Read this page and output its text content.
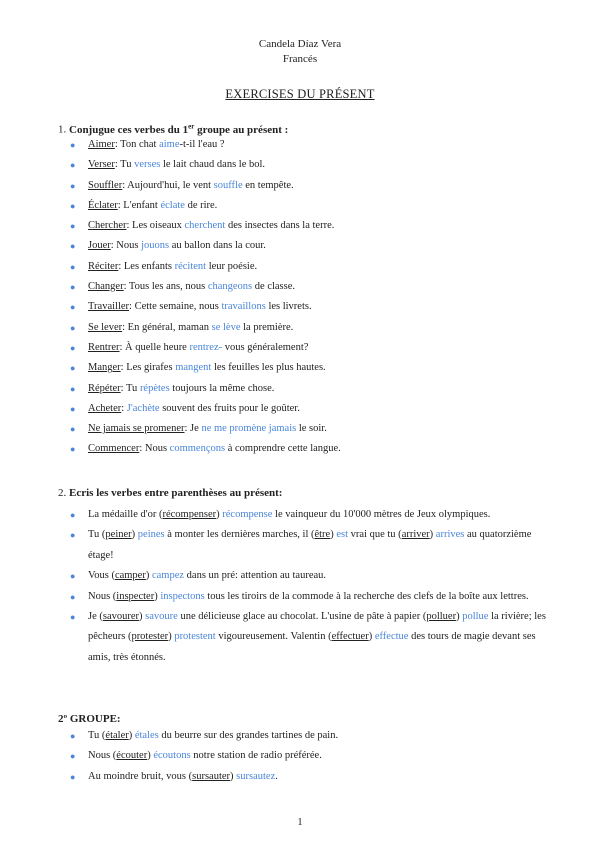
Candela Díaz Vera
Francés
EXERCISES DU PRÉSENT
1. Conjugue ces verbes du 1er groupe au présent :
● Aimer: Ton chat aime-t-il l'eau ?
● Verser: Tu verses le lait chaud dans le bol.
● Souffler: Aujourd'hui, le vent souffle en tempête.
● Éclater: L'enfant éclate de rire.
● Chercher: Les oiseaux cherchent des insectes dans la terre.
● Jouer: Nous jouons au ballon dans la cour.
● Réciter: Les enfants récitent leur poésie.
● Changer: Tous les ans, nous changeons de classe.
● Travailler: Cette semaine, nous travaillons les livrets.
● Se lever: En général, maman se lève la première.
● Rentrer: À quelle heure rentrez- vous généralement?
● Manger: Les girafes mangent les feuilles les plus hautes.
● Répéter: Tu répètes toujours la même chose.
● Acheter: J'achète souvent des fruits pour le goûter.
● Ne jamais se promener: Je ne me promène jamais le soir.
● Commencer: Nous commençons à comprendre cette langue.
2. Ecris les verbes entre parenthèses au présent:
● La médaille d'or (récompenser) récompense le vainqueur du 10'000 mètres de Jeux olympiques.
● Tu (peiner) peines à monter les dernières marches, il (être) est vrai que tu (arriver) arrives au quatorzième étage!
● Vous (camper) campez dans un pré: attention au taureau.
● Nous (inspecter) inspectons tous les tiroirs de la commode à la recherche des clefs de la boîte aux lettres.
● Je (savourer) savoure une délicieuse glace au chocolat. L'usine de pâte à papier (polluer) pollue la rivière; les pêcheurs (protester) protestent vigoureusement. Valentin (effectuer) effectue des tours de magie devant ses amis, très étonnés.
2º GROUPE:
● Tu (étaler) étales du beurre sur des grandes tartines de pain.
● Nous (écouter) écoutons notre station de radio préférée.
● Au moindre bruit, vous (sursauter) sursautez.
1
